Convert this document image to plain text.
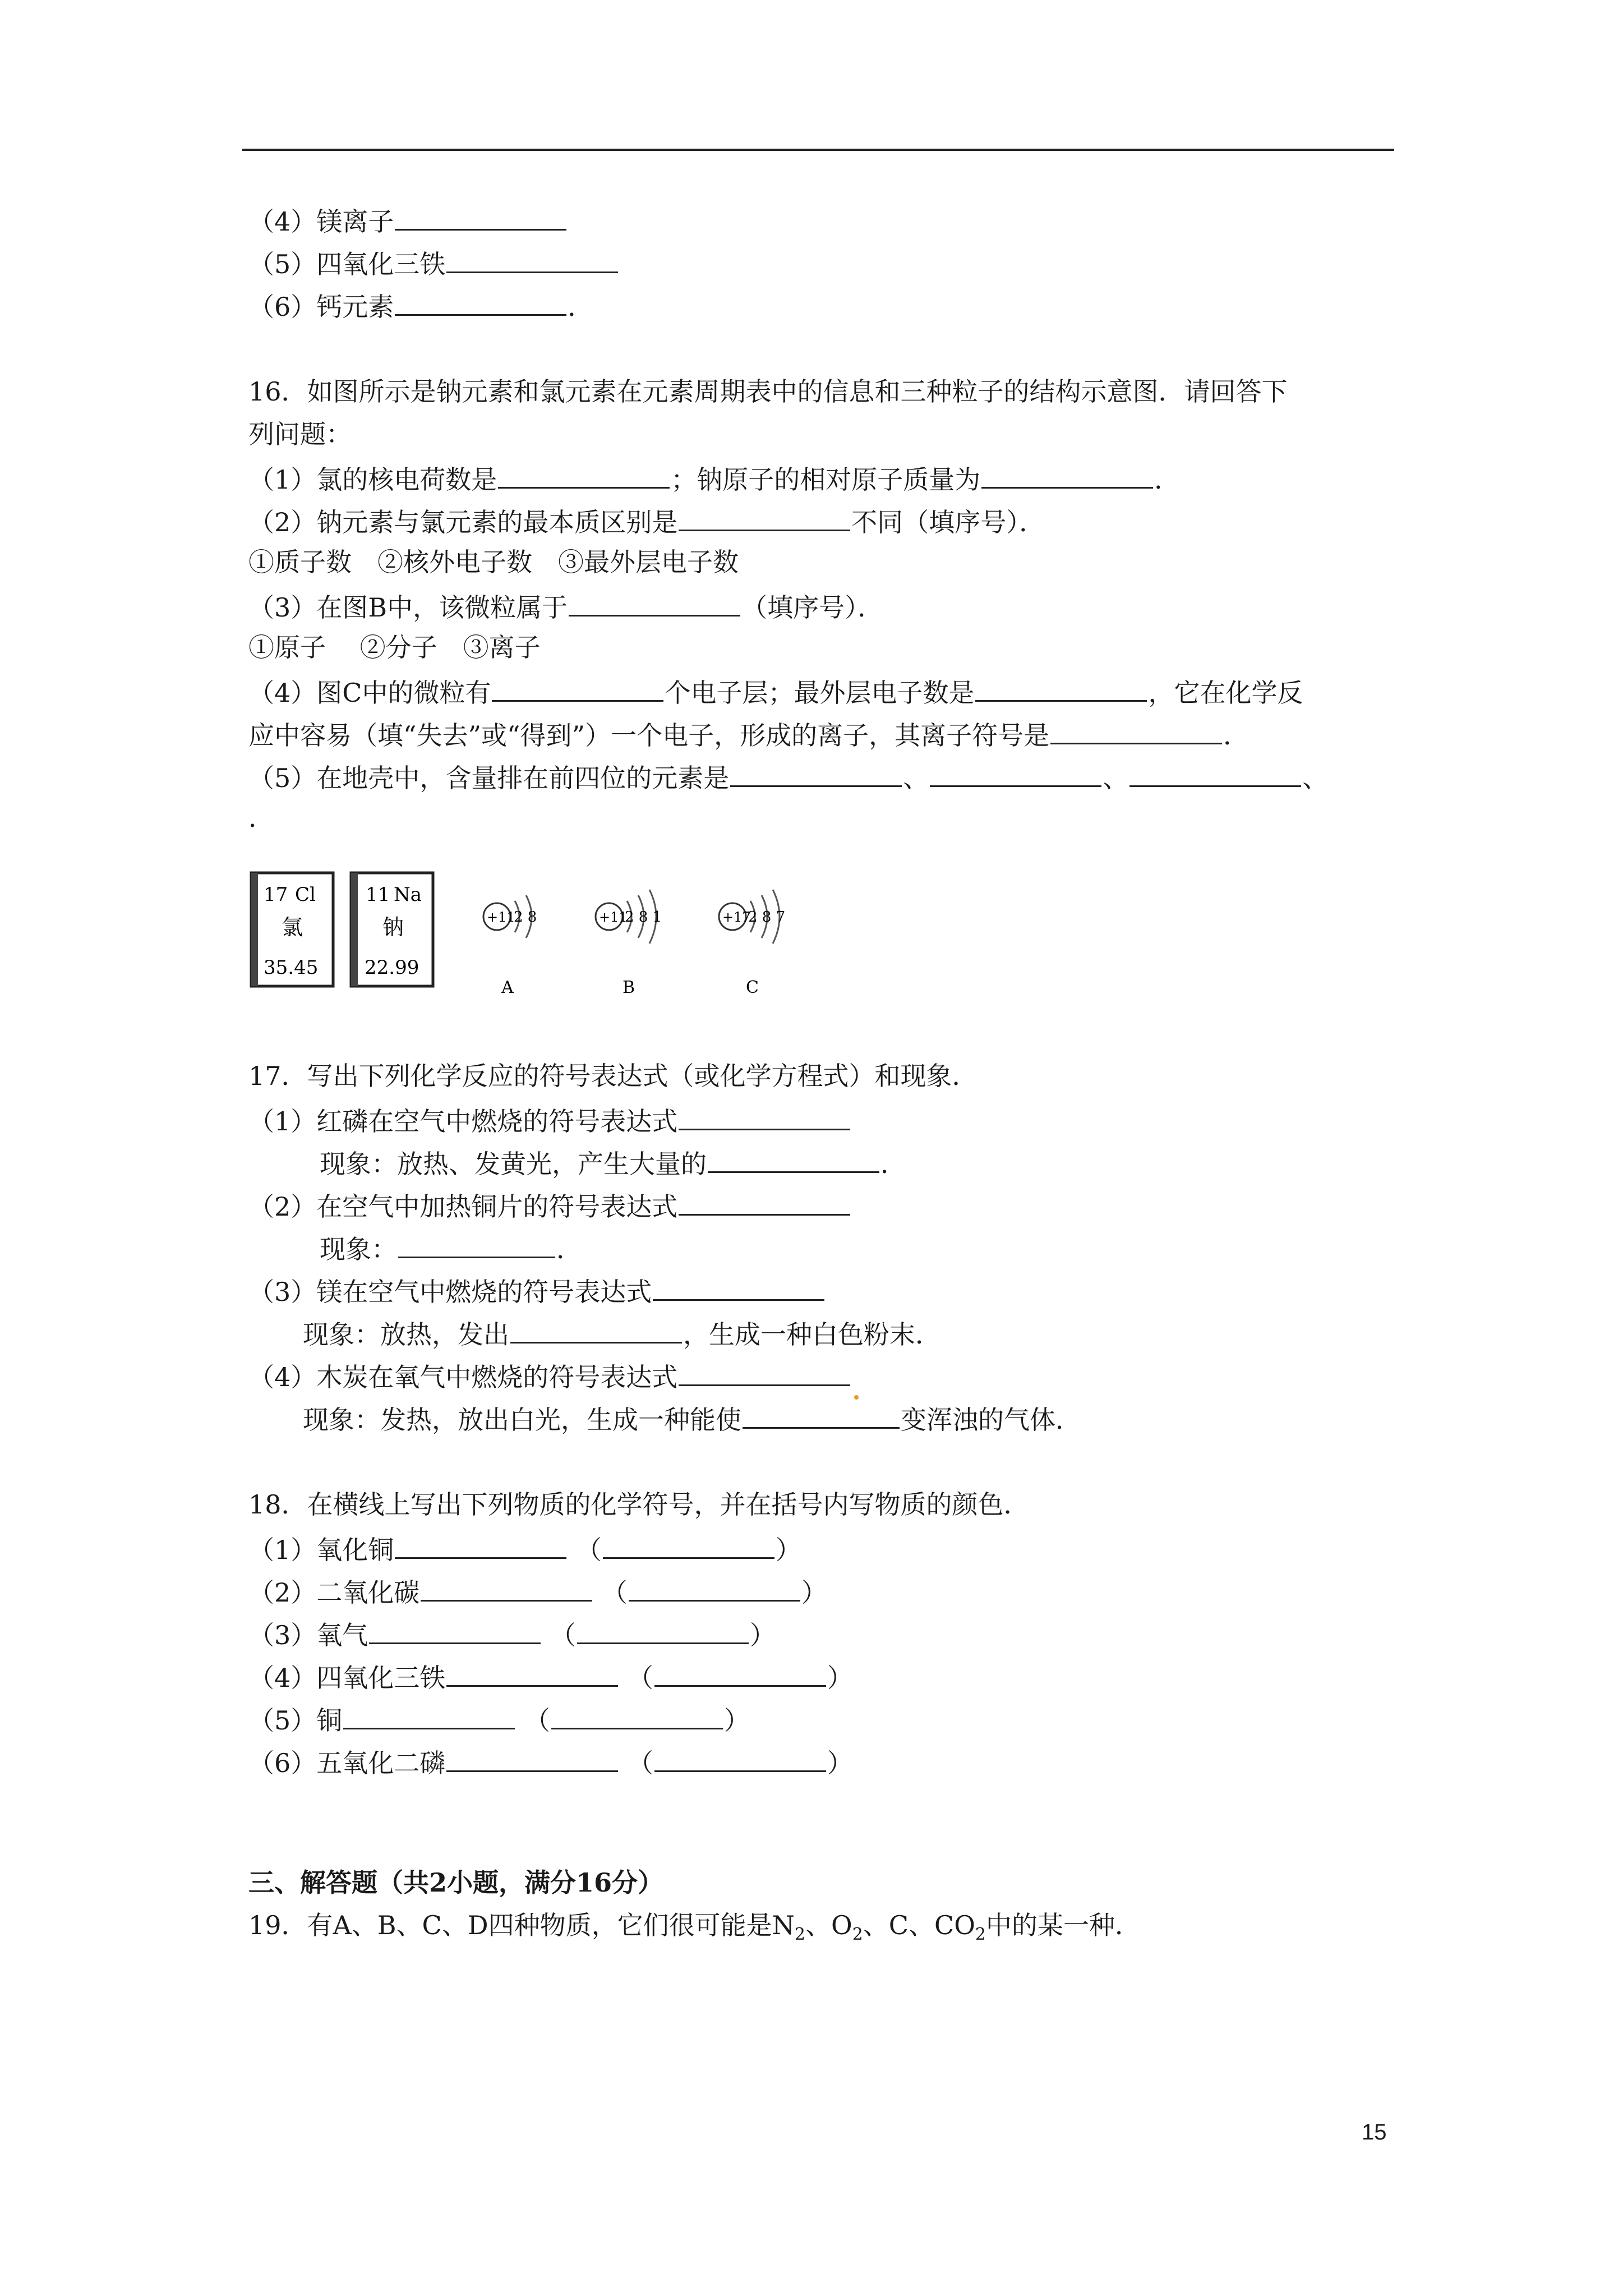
（4）镁离子
（5）四氧化三铁
（6）钙元素	．
16．如图所示是钠元素和氯元素在元素周期表中的信息和三种粒子的结构示意图．请回答下
列问题：
（1）氯的核电荷数是	；钠原子的相对原子质量为	．
（2）钠元素与氯元素的最本质区别是	不同（填序号）．
①质子数　②核外电子数　③最外层电子数
（3）在图B中，该微粒属于	（填序号）．
①原子　 ②分子　③离子
（4）图C中的微粒有	个电子层；最外层电子数是	，它在化学反
应中容易（填“失去”或“得到”）一个电子，形成的离子，其离子符号是	．
（5）在地壳中，含量排在前四位的元素是	、	、	、
．
17 Cl
氯
35.45
11 Na
钠
22.99
+11
2 8
A
+11
2 8 1
B
+17
2 8 7
C
17．写出下列化学反应的符号表达式（或化学方程式）和现象．
（1）红磷在空气中燃烧的符号表达式
现象：放热、发黄光，产生大量的	．
（2）在空气中加热铜片的符号表达式
现象：	．
（3）镁在空气中燃烧的符号表达式
现象：放热，发出	，生成一种白色粉末．
（4）木炭在氧气中燃烧的符号表达式
现象：发热，放出白光，生成一种能使	变浑浊的气体．
18．在横线上写出下列物质的化学符号，并在括号内写物质的颜色．
（1）氧化铜	（	）
（2）二氧化碳	（	）
（3）氧气	（	）
（4）四氧化三铁	（	）
（5）铜	（	）
（6）五氧化二磷	（	）
三、解答题（共2小题，满分16分）
19．有A、B、C、D四种物质，它们很可能是$N_2$、$O_2$、C、$CO_2$中的某一种．
15
